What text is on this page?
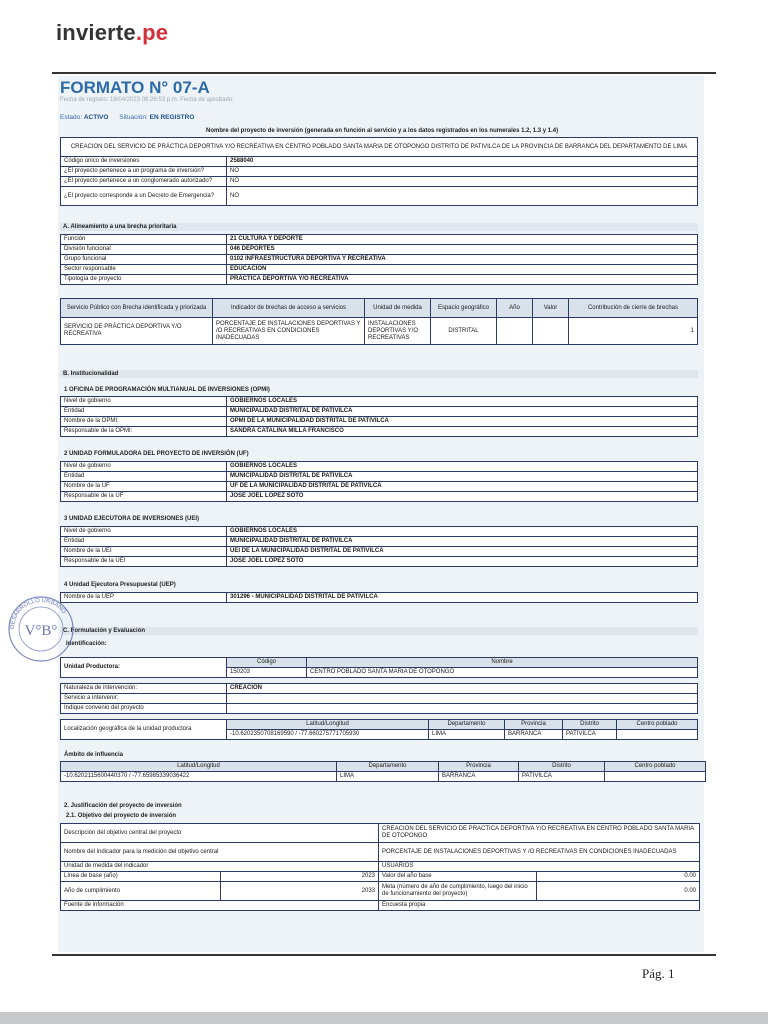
invierte.pe
FORMATO N° 07-A
Fecha de registro: 18/04/2023 08:26:53 p.m. Fecha de aprobado:
Estado: ACTIVO Situación: EN REGISTRO
Nombre del proyecto de inversión (generada en función al servicio y a los datos registrados en los numerales 1.2, 1.3 y 1.4)
CREACION DEL SERVICIO DE PRÁCTICA DEPORTIVA Y/O RECREATIVA EN CENTRO POBLADO SANTA MARIA DE OTOPONGO DISTRITO DE PATIVILCA DE LA PROVINCIA DE BARRANCA DEL DEPARTAMENTO DE LIMA	
Código único de inversiones	2588040
¿El proyecto pertenece a un programa de inversión?	NO
¿El proyecto pertenece a un conglomerado autorizado?	NO
¿El proyecto corresponde a un Decreto de Emergencia?	NO
A. Alineamiento a una brecha prioritaria
Función	21 CULTURA Y DEPORTE
División funcional	046 DEPORTES
Grupo funcional	0102 INFRAESTRUCTURA DEPORTIVA Y RECREATIVA
Sector responsable	EDUCACION
Tipología de proyecto	PRÁCTICA DEPORTIVA Y/O RECREATIVA
Servicio Público con Brecha identificada y priorizada	Indicador de brechas de acceso a servicios	Unidad de medida	Espacio geográfico	Año	Valor	Contribución de cierre de brechas
SERVICIO DE PRÁCTICA DEPORTIVA Y/O RECREATIVA	PORCENTAJE DE INSTALACIONES DEPORTIVAS Y /O RECREATIVAS EN CONDICIONES INADECUADAS	INSTALACIONES DEPORTIVAS Y/O RECREATIVAS	DISTRITAL			1
B. Institucionalidad
1 OFICINA DE PROGRAMACIÓN MULTIANUAL DE INVERSIONES (OPMI)
Nivel de gobierno	GOBIERNOS LOCALES
Entidad	MUNICIPALIDAD DISTRITAL DE PATIVILCA
Nombre de la OPMI:	OPMI DE LA MUNICIPALIDAD DISTRITAL DE PATIVILCA
Responsable de la OPMI:	SANDRA CATALINA MILLA FRANCISCO
2 UNIDAD FORMULADORA DEL PROYECTO DE INVERSIÓN (UF)
Nivel de gobierno	GOBIERNOS LOCALES
Entidad	MUNICIPALIDAD DISTRITAL DE PATIVILCA
Nombre de la UF	UF DE LA MUNICIPALIDAD DISTRITAL DE PATIVILCA
Responsable de la UF	JOSE JOEL LOPEZ SOTO
3 UNIDAD EJECUTORA DE INVERSIONES (UEI)
Nivel de gobierno	GOBIERNOS LOCALES
Entidad	MUNICIPALIDAD DISTRITAL DE PATIVILCA
Nombre de la UEI	UEI DE LA MUNICIPALIDAD DISTRITAL DE PATIVILCA
Responsable de la UEI	JOSE JOEL LOPEZ SOTO
4 Unidad Ejecutora Presupuestal (UEP)
Nombre de la UEP	301296 - MUNICIPALIDAD DISTRITAL DE PATIVILCA
C. Formulación y Evaluación
Identificación:
Unidad Productora:	Código	Nombre
	150203	CENTRO POBLADO SANTA MARIA DE OTOPONGO
Naturaleza de intervención:	CREACION
Servicio a intervenir:	
Indique convenio del proyecto	
Localización geográfica de la unidad productora	Latitud/Longitud	Departamento	Provincia	Distrito	Centro poblado
	-10.6202350708169590 / -77.660275771705930	LIMA	BARRANCA	PATIVILCA	
Ámbito de influencia
Latitud/Longitud	Departamento	Provincia	Distrito	Centro poblado
-10.6202115600440370 / -77.65985339036422	LIMA	BARRANCA	PATIVILCA	
2. Justificación del proyecto de inversión
2.1. Objetivo del proyecto de inversión
Descripción del objetivo central del proyecto		CREACION DEL SERVICIO DE PRACTICA DEPORTIVA Y/O RECREATIVA EN CENTRO POBLADO SANTA MARIA DE OTOPONGO	
Nombre del indicador para la medición del objetivo central		PORCENTAJE DE INSTALACIONES DEPORTIVAS Y /O RECREATIVAS EN CONDICIONES INADECUADAS	
Unidad de medida del indicador		USUARIOS	
Línea de base (año)	2023	Valor del año base	0.00
Año de cumplimiento	2033	Meta (número de año de cumplimiento, luego del inicio de funcionamiento del proyecto)	0.00
Fuente de información		Encuesta propia	
V°B°
DESARROLLO URBANO
Pág. 1
